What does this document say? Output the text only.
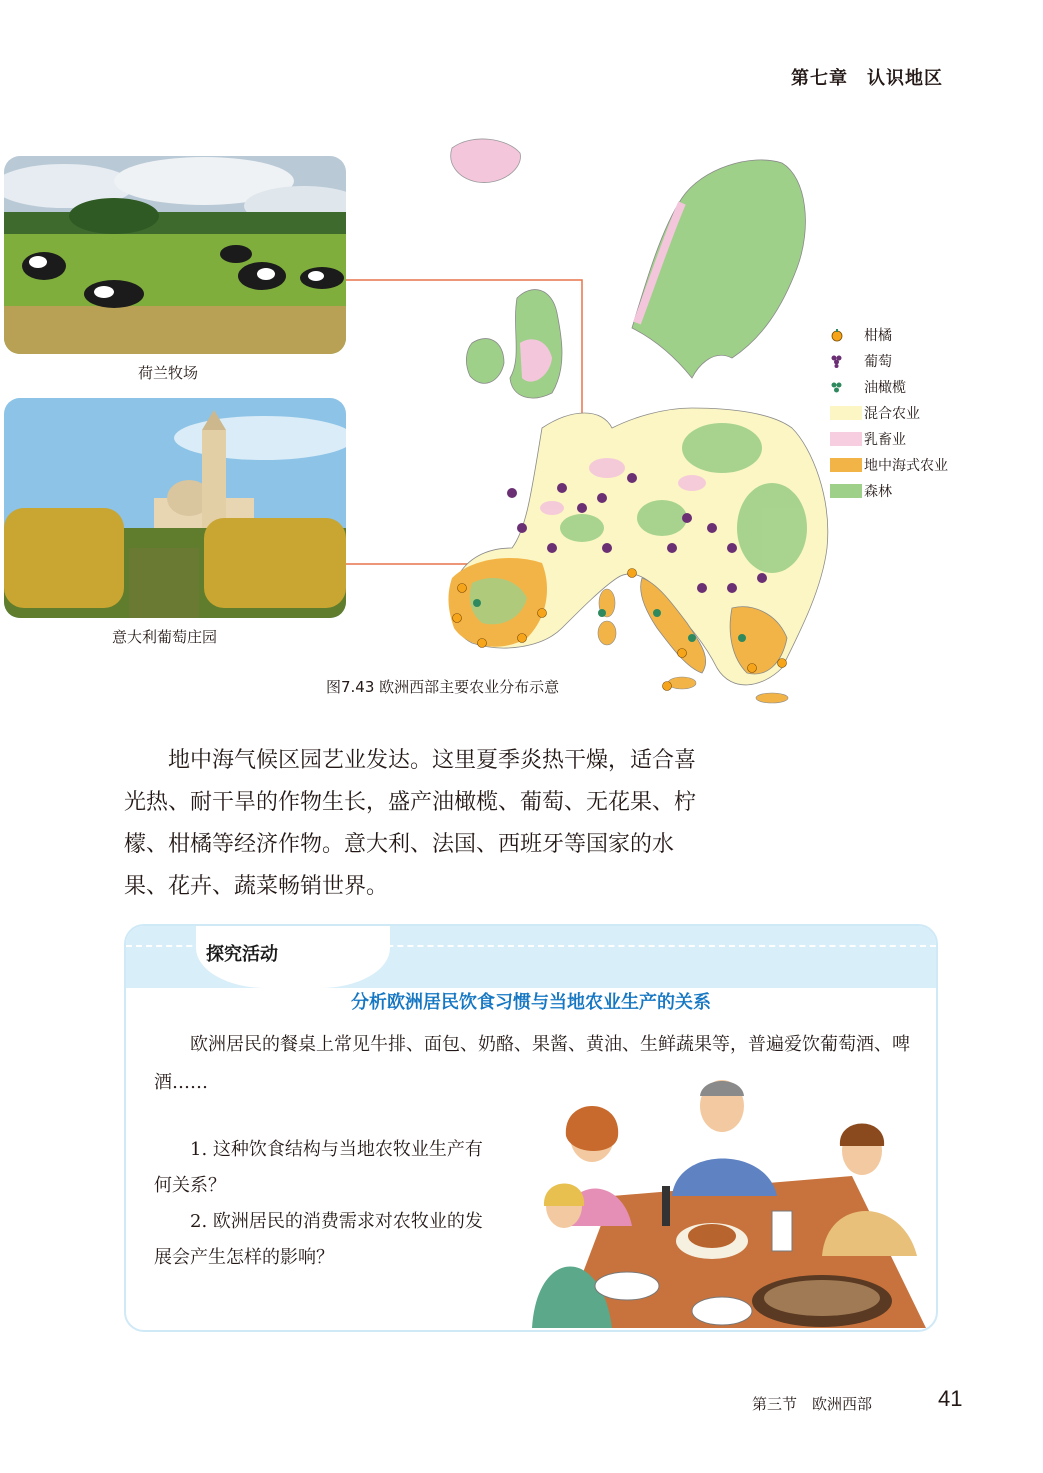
第七章　认识地区
荷兰牧场
意大利葡萄庄园
柑橘
葡萄
油橄榄
混合农业
乳畜业
地中海式农业
森林
图7.43 欧洲西部主要农业分布示意

地中海气候区园艺业发达。这里夏季炎热干燥，适合喜光热、耐干旱的作物生长，盛产油橄榄、葡萄、无花果、柠檬、柑橘等经济作物。意大利、法国、西班牙等国家的水果、花卉、蔬菜畅销世界。

探究活动
分析欧洲居民饮食习惯与当地农业生产的关系

欧洲居民的餐桌上常见牛排、面包、奶酪、果酱、黄油、生鲜蔬果等，普遍爱饮葡萄酒、啤酒……

1. 这种饮食结构与当地农牧业生产有何关系？

2. 欧洲居民的消费需求对农牧业的发展会产生怎样的影响？

第三节　欧洲西部	41
